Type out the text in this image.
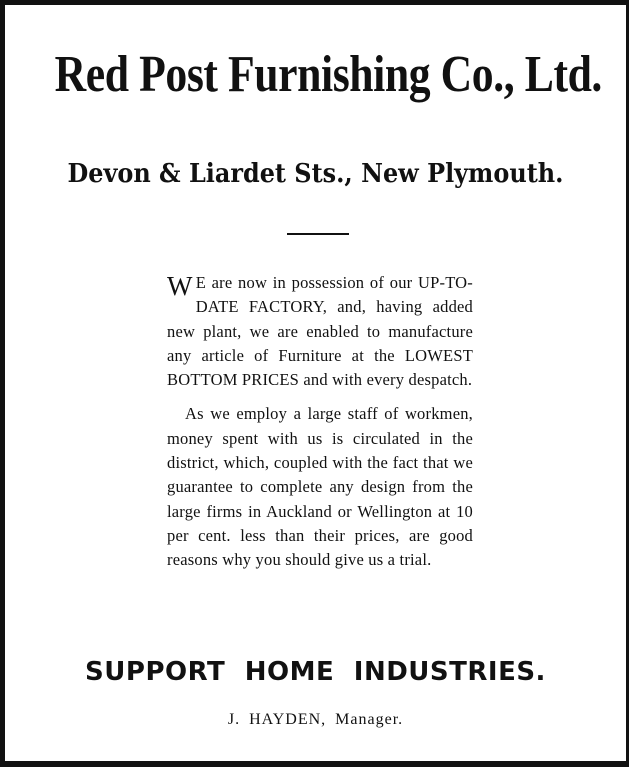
Red Post Furnishing Co., Ltd.
Devon & Liardet Sts., New Plymouth.

W E are now in possession of our UP-TO-DATE FACTORY, and, having added new plant, we are enabled to manufacture any article of Furniture at the LOWEST BOTTOM PRICES and with every despatch.

As we employ a large staff of workmen, money spent with us is circulated in the district, which, coupled with the fact that we guarantee to complete any design from the large firms in Auckland or Wellington at 10 per cent. less than their prices, are good reasons why you should give us a trial.

SUPPORT HOME INDUSTRIES.
J. HAYDEN, Manager.
